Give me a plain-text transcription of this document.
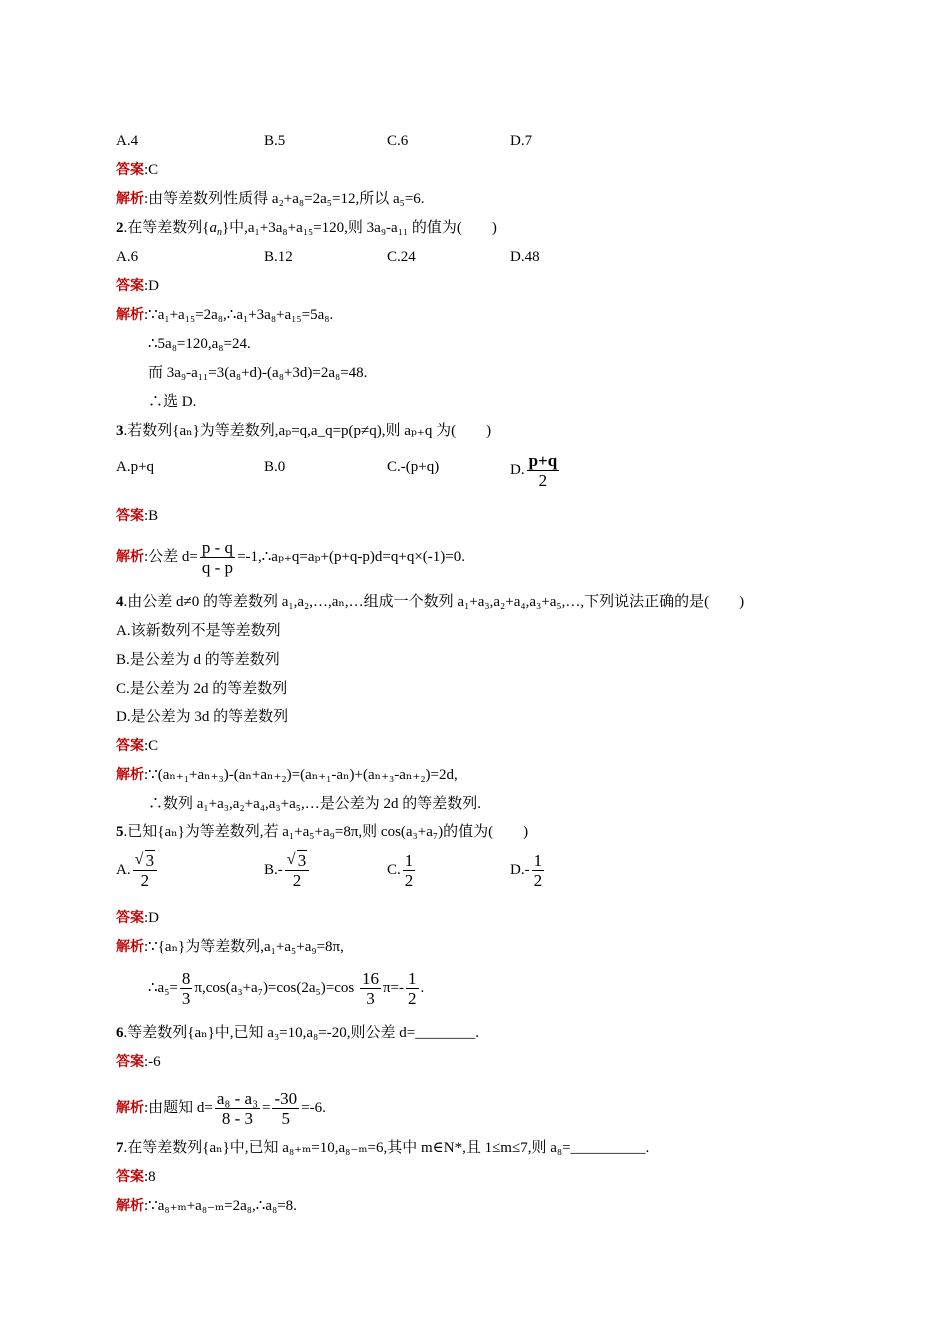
A.4	B.5	C.6	D.7
答案:C
解析:由等差数列性质得 a₂+a₈=2a₅=12,所以 a₅=6.
2.在等差数列$\{a_n\}$中,a₁+3a₈+a₁₅=120,则 3a₉-a₁₁ 的值为(　　)
A.6	B.12	C.24	D.48
答案:D
解析:∵a₁+a₁₅=2a₈,∴a₁+3a₈+a₁₅=5a₈.
∴5a₈=120,a₈=24.
而 3a₉-a₁₁=3(a₈+d)-(a₈+3d)=2a₈=48.
∴选 D.
3.若数列{aₙ}为等差数列,aₚ=q,a_q=p(p≠q),则 aₚ₊q 为(　　)
A.p+q	B.0	C.-(p+q)	D. $\frac{p+q}{2}$
答案:B
解析:公差 $d= \frac{p - q}{q - p}$ =-1,∴aₚ₊q=aₚ+(p+q-p)d=q+q×(-1)=0.
4.由公差 d≠0 的等差数列 a₁,a₂,…,aₙ,…组成一个数列 a₁+a₃,a₂+a₄,a₃+a₅,…,下列说法正确的是(　　)
A.该新数列不是等差数列
B.是公差为 d 的等差数列
C.是公差为 2d 的等差数列
D.是公差为 3d 的等差数列
答案:C
解析:∵(aₙ₊₁+aₙ₊₃)-(aₙ+aₙ₊₂)=(aₙ₊₁-aₙ)+(aₙ₊₃-aₙ₊₂)=2d,
∴数列 a₁+a₃,a₂+a₄,a₃+a₅,…是公差为 2d 的等差数列.
5.已知{aₙ}为等差数列,若 a₁+a₅+a₉=8π,则 cos(a₃+a₇)的值为(　　)
A. $\frac{√ 3}{2}$	$B.- \frac{√ 3}{2}$	C. $\frac{1}{2}$	$D.- \frac{1}{2}$
答案:D
解析:∵{aₙ}为等差数列,a₁+a₅+a₉=8π,
∴a₅= $\frac{8}{3} \pi,\cos(a_3+a_7)=\cos(2a_5)=\cos \frac{16}{3} \pi=- \frac{1}{2}$ .
6.等差数列{aₙ}中,已知 a₃=10,a₈=-20,则公差 d=________.
答案:-6
解析:由题知 $d= \frac{\text{a₈ - a₃}}{8 - 3} = \frac{-30}{5} =-6$.
7.在等差数列{aₙ}中,已知 a₈₊ₘ=10,a₈₋ₘ=6,其中 m∈N*,且 1≤m≤7,则 a₈=__________.
答案:8
解析:∵a₈₊ₘ+a₈₋ₘ=2a₈,∴a₈=8.
